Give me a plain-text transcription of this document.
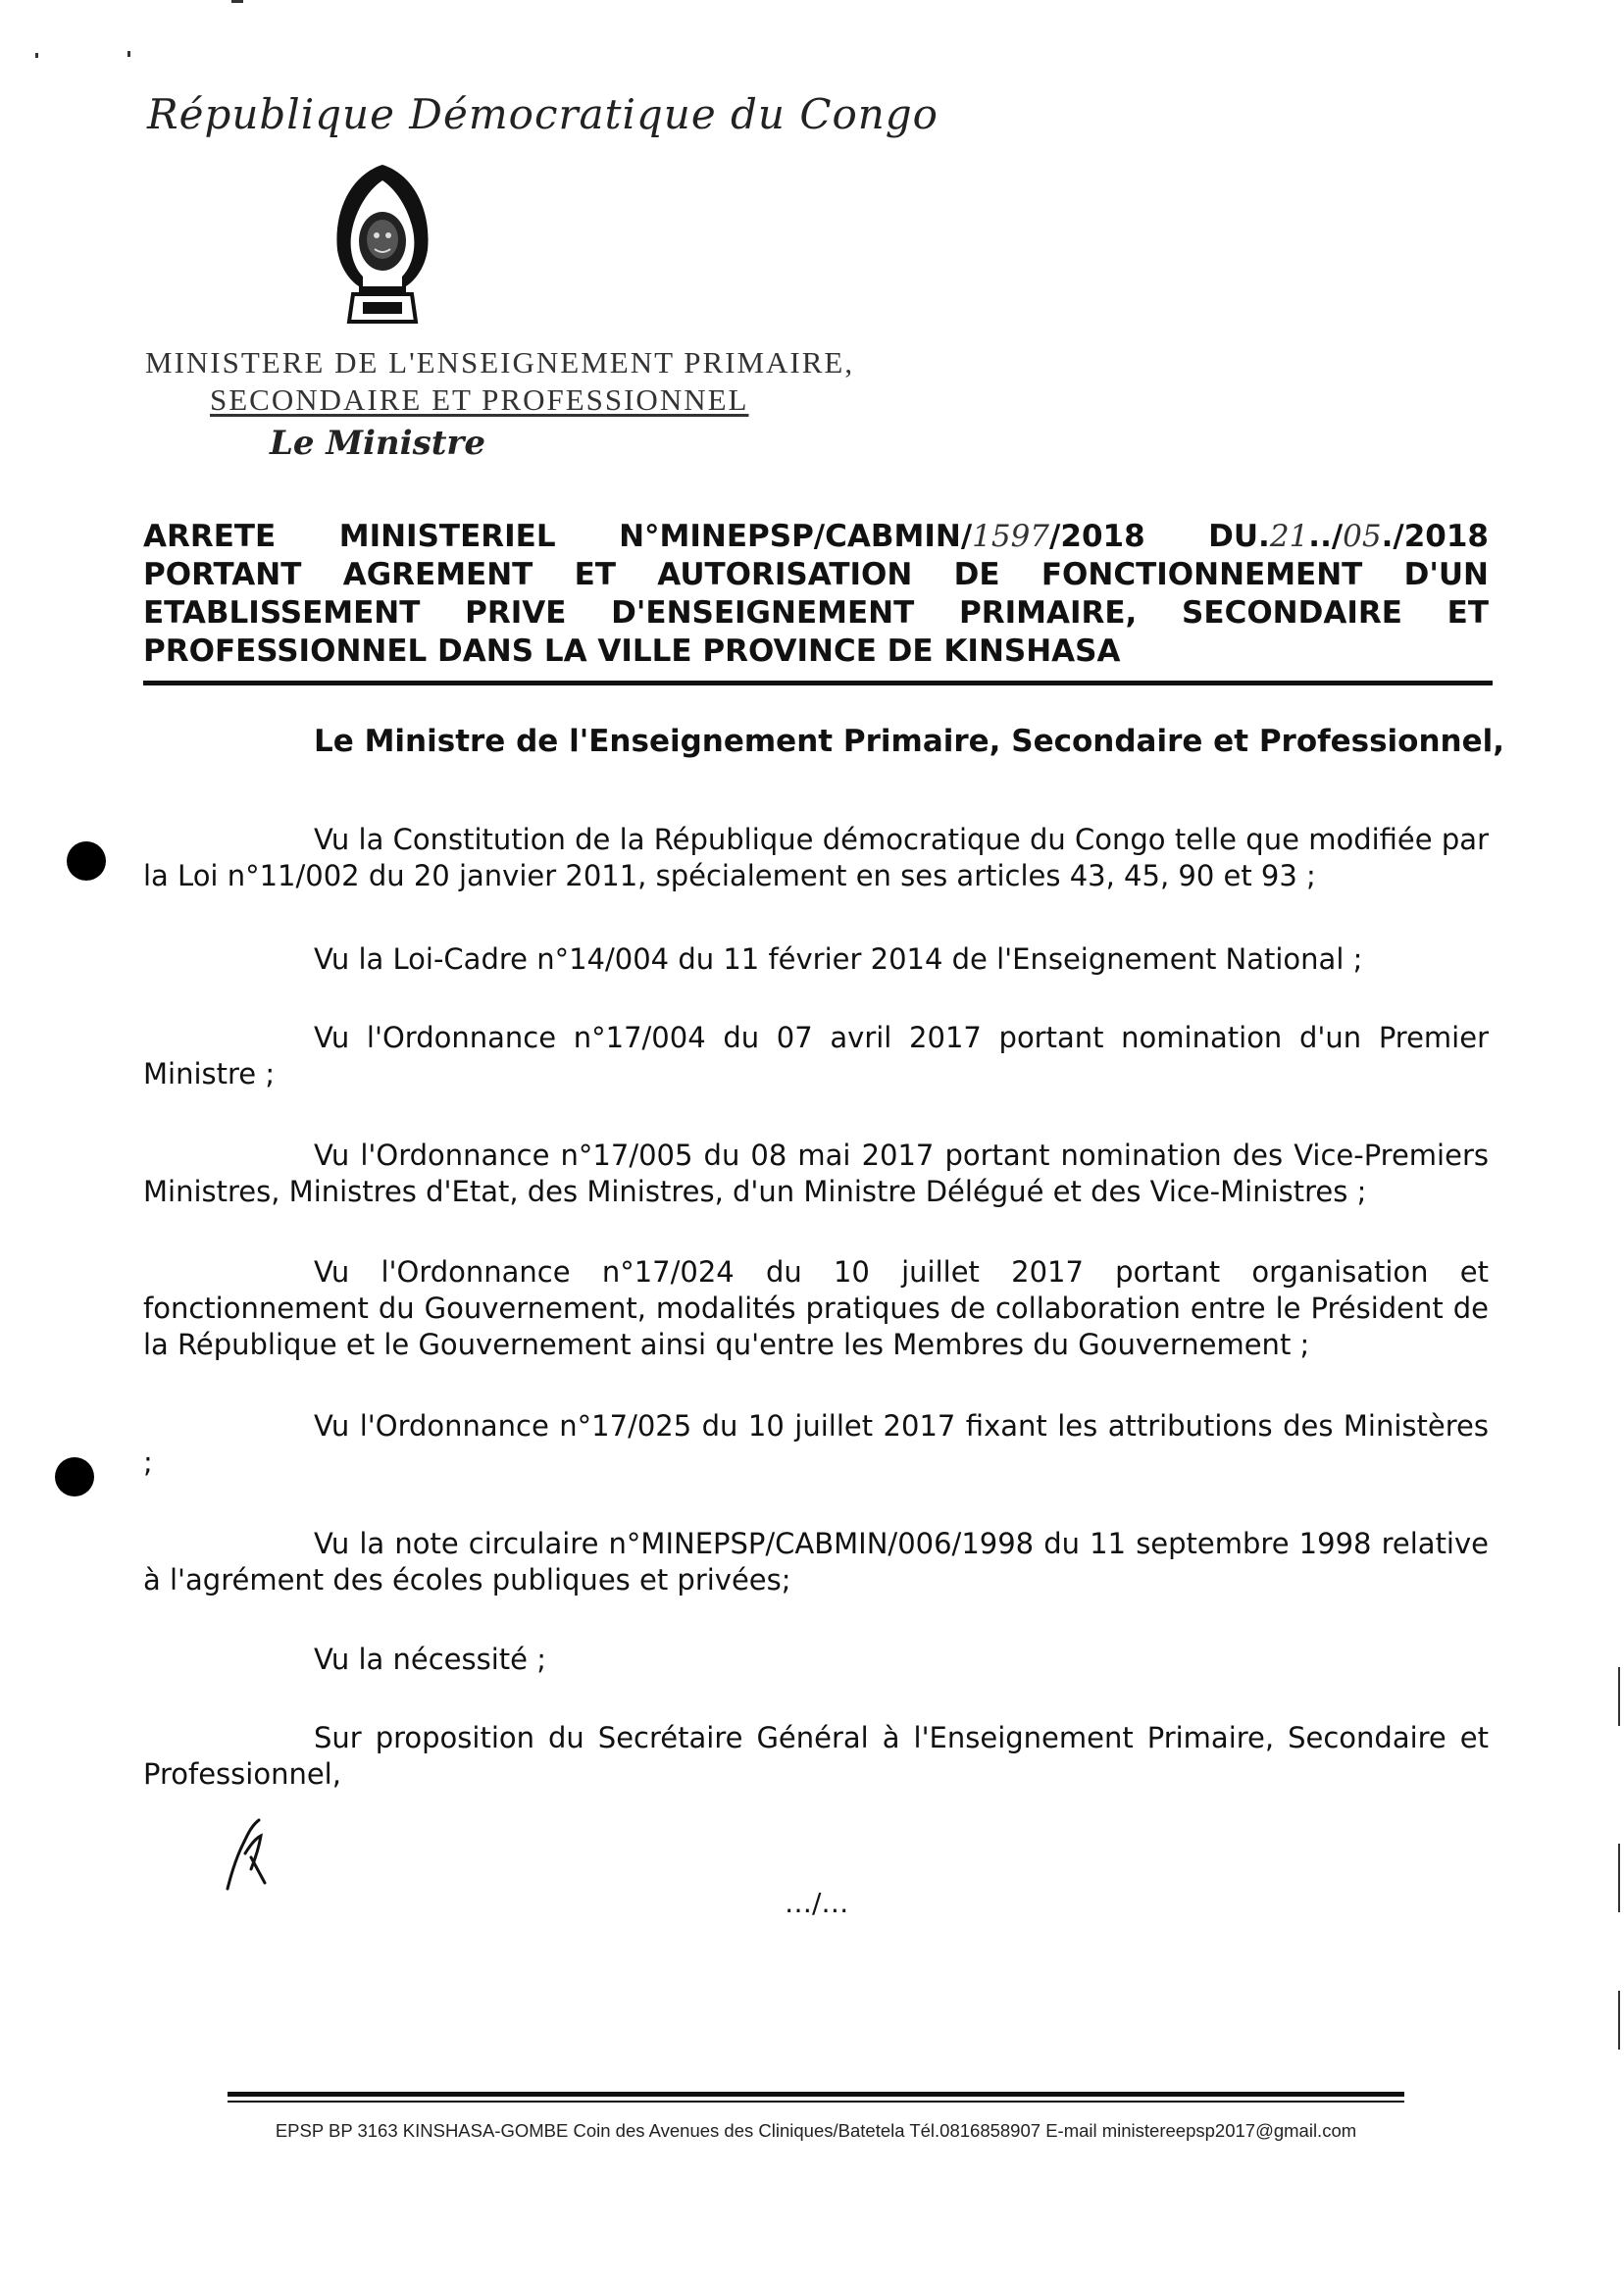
République Démocratique du Congo
MINISTERE DE L'ENSEIGNEMENT PRIMAIRE,
SECONDAIRE ET PROFESSIONNEL
Le Ministre
ARRETE MINISTERIEL N°MINEPSP/CABMIN/1597/2018 DU.21../05./2018
PORTANT AGREMENT ET AUTORISATION DE FONCTIONNEMENT D'UN
ETABLISSEMENT PRIVE D'ENSEIGNEMENT PRIMAIRE, SECONDAIRE ET
PROFESSIONNEL DANS LA VILLE PROVINCE DE KINSHASA
Le Ministre de l'Enseignement Primaire, Secondaire et Professionnel,
Vu la Constitution de la République démocratique du Congo telle que modifiée par la Loi n°11/002 du 20 janvier 2011, spécialement en ses articles 43, 45, 90 et 93 ;
Vu la Loi-Cadre n°14/004 du 11 février 2014 de l'Enseignement National ;
Vu l'Ordonnance n°17/004 du 07 avril 2017 portant nomination d'un Premier Ministre ;
Vu l'Ordonnance n°17/005 du 08 mai 2017 portant nomination des Vice-Premiers Ministres, Ministres d'Etat, des Ministres, d'un Ministre Délégué et des Vice-Ministres ;
Vu l'Ordonnance n°17/024 du 10 juillet 2017 portant organisation et fonctionnement du Gouvernement, modalités pratiques de collaboration entre le Président de la République et le Gouvernement ainsi qu'entre les Membres du Gouvernement ;
Vu l'Ordonnance n°17/025 du 10 juillet 2017 fixant les attributions des Ministères ;
Vu la note circulaire n°MINEPSP/CABMIN/006/1998 du 11 septembre 1998 relative à l'agrément des écoles publiques et privées;
Vu la nécessité ;
Sur proposition du Secrétaire Général à l'Enseignement Primaire, Secondaire et Professionnel,
…/…
EPSP BP 3163 KINSHASA-GOMBE Coin des Avenues des Cliniques/Batetela Tél.0816858907 E-mail ministereepsp2017@gmail.com
